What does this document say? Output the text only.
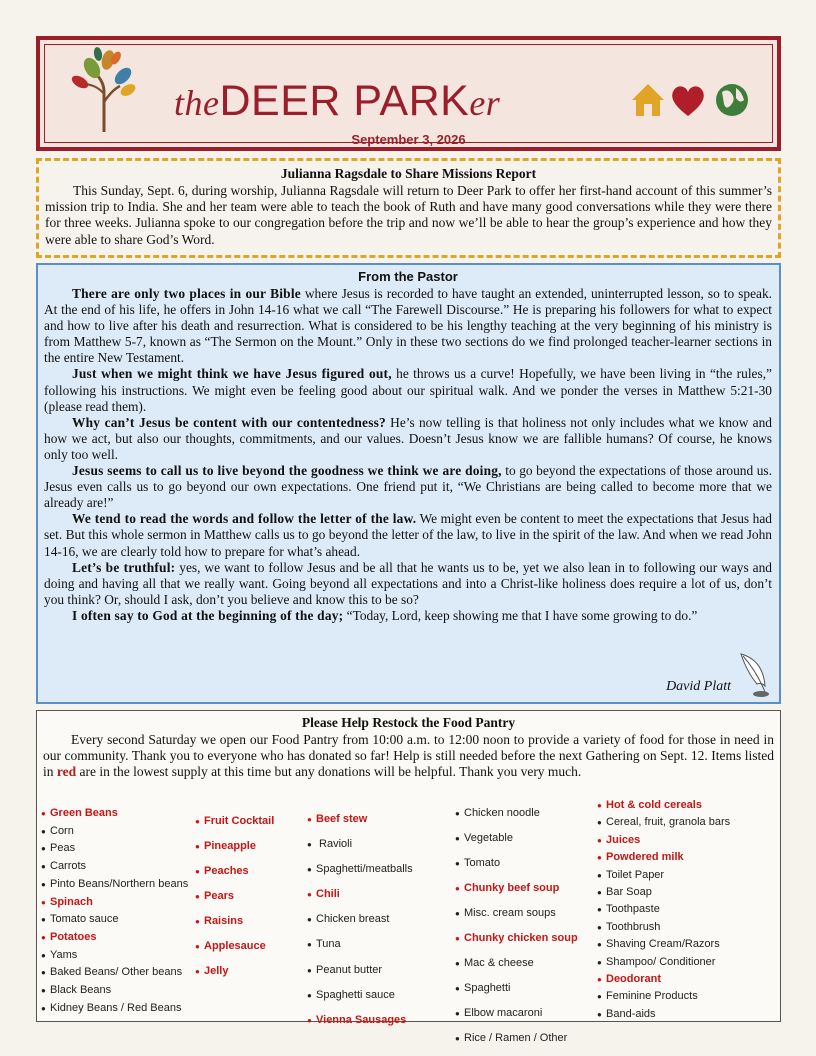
theDEER PARKer
September 3, 2026

Julianna Ragsdale to Share Missions Report

This Sunday, Sept. 6, during worship, Julianna Ragsdale will return to Deer Park to offer her first-hand account of this summer’s mission trip to India. She and her team were able to teach the book of Ruth and have many good conversations while they were there for three weeks. Julianna spoke to our congregation before the trip and now we’ll be able to hear the group’s experience and how they were able to share God’s Word.

From the Pastor

There are only two places in our Bible where Jesus is recorded to have taught an extended, uninterrupted lesson, so to speak. At the end of his life, he offers in John 14-16 what we call “The Farewell Discourse.” He is preparing his followers for what to expect and how to live after his death and resurrection. What is considered to be his lengthy teaching at the very beginning of his ministry is from Matthew 5-7, known as “The Sermon on the Mount.” Only in these two sections do we find prolonged teacher-learner sections in the entire New Testament.

Just when we might think we have Jesus figured out, he throws us a curve! Hopefully, we have been living in “the rules,” following his instructions. We might even be feeling good about our spiritual walk. And we ponder the verses in Matthew 5:21-30 (please read them).

Why can’t Jesus be content with our contentedness? He’s now telling is that holiness not only includes what we know and how we act, but also our thoughts, commitments, and our values. Doesn’t Jesus know we are fallible humans? Of course, he knows only too well.

Jesus seems to call us to live beyond the goodness we think we are doing, to go beyond the expectations of those around us. Jesus even calls us to go beyond our own expectations. One friend put it, “We Christians are being called to become more that we already are!”

We tend to read the words and follow the letter of the law. We might even be content to meet the expectations that Jesus had set. But this whole sermon in Matthew calls us to go beyond the letter of the law, to live in the spirit of the law. And when we read John 14-16, we are clearly told how to prepare for what’s ahead.

Let’s be truthful: yes, we want to follow Jesus and be all that he wants us to be, yet we also lean in to following our ways and doing and having all that we really want. Going beyond all expectations and into a Christ-like holiness does require a lot of us, don’t you think? Or, should I ask, don’t you believe and know this to be so?

I often say to God at the beginning of the day; “Today, Lord, keep showing me that I have some growing to do.”

David Platt

Please Help Restock the Food Pantry

Every second Saturday we open our Food Pantry from 10:00 a.m. to 12:00 noon to provide a variety of food for those in need in our community. Thank you to everyone who has donated so far! Help is still needed before the next Gathering on Sept. 12. Items listed in red are in the lowest supply at this time but any donations will be helpful. Thank you very much.

● Green Beans
● Corn
● Peas
● Carrots
● Pinto Beans/Northern beans
● Spinach
● Tomato sauce
● Potatoes
● Yams
● Baked Beans/ Other beans
● Black Beans
● Kidney Beans / Red Beans
● Fruit Cocktail
● Pineapple
● Peaches
● Pears
● Raisins
● Applesauce
● Jelly
● Beef stew
● Ravioli
● Spaghetti/meatballs
● Chili
● Chicken breast
● Tuna
● Peanut butter
● Spaghetti sauce
● Vienna Sausages
● Chicken noodle
● Vegetable
● Tomato
● Chunky beef soup
● Misc. cream soups
● Chunky chicken soup
● Mac & cheese
● Spaghetti
● Elbow macaroni
● Rice / Ramen / Other
● Hot & cold cereals
● Cereal, fruit, granola bars
● Juices
● Powdered milk
● Toilet Paper
● Bar Soap
● Toothpaste
● Toothbrush
● Shaving Cream/Razors
● Shampoo/ Conditioner
● Deodorant
● Feminine Products
● Band-aids
